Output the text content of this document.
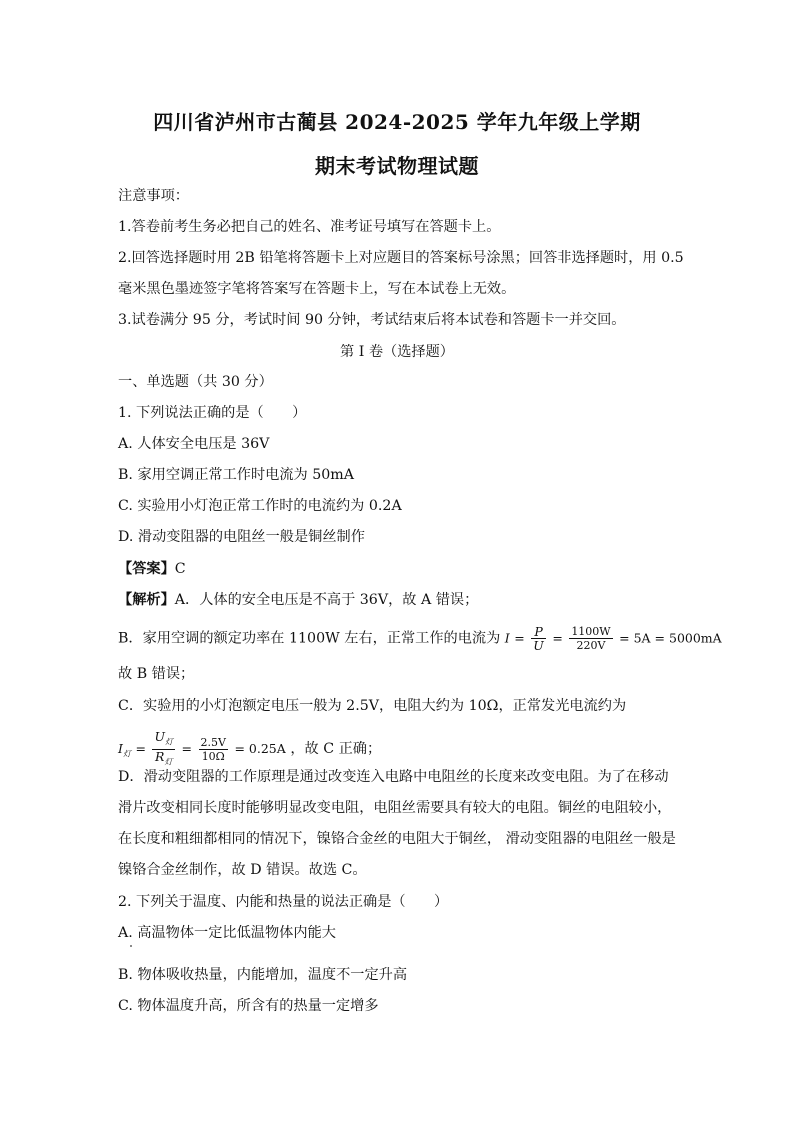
四川省泸州市古蔺县 2024-2025 学年九年级上学期
期末考试物理试题
注意事项：
1.答卷前考生务必把自己的姓名、准考证号填写在答题卡上。
2.回答选择题时用 2B 铅笔将答题卡上对应题目的答案标号涂黑；回答非选择题时，用 0.5
毫米黑色墨迹签字笔将答案写在答题卡上，写在本试卷上无效。
3.试卷满分 95 分，考试时间 90 分钟，考试结束后将本试卷和答题卡一并交回。
第 I 卷（选择题）
一、单选题（共 30 分）
1. 下列说法正确的是（　　）
A. 人体安全电压是 36V
B. 家用空调正常工作时电流为 50mA
C. 实验用小灯泡正常工作时的电流约为 0.2A
D. 滑动变阻器的电阻丝一般是铜丝制作
【答案】C
【解析】A．人体的安全电压是不高于 36V，故 A 错误；
B．家用空调的额定功率在 1100W 左右，正常工作的电流为 $I = \frac{P}{U} = \frac{1100W}{220V} = 5A = 5000mA$
故 B 错误；
C．实验用的小灯泡额定电压一般为 2.5V，电阻大约为 10Ω，正常发光电流约为
$I_灯 = \frac{U_灯}{R_灯} = \frac{2.5V}{10\Omega} = 0.25A$ ，故 C 正确；
D．滑动变阻器的工作原理是通过改变连入电路中电阻丝的长度来改变电阻。为了在移动
滑片改变相同长度时能够明显改变电阻，电阻丝需要具有较大的电阻。铜丝的电阻较小，
在长度和粗细都相同的情况下，镍铬合金丝的电阻大于铜丝， 滑动变阻器的电阻丝一般是
镍铬合金丝制作，故 D 错误。故选 C。
2. 下列关于温度、内能和热量的说法正确是（　　）
A. 高温物体一定比低温物体内能大
B. 物体吸收热量，内能增加，温度不一定升高
C. 物体温度升高，所含有的热量一定增多
